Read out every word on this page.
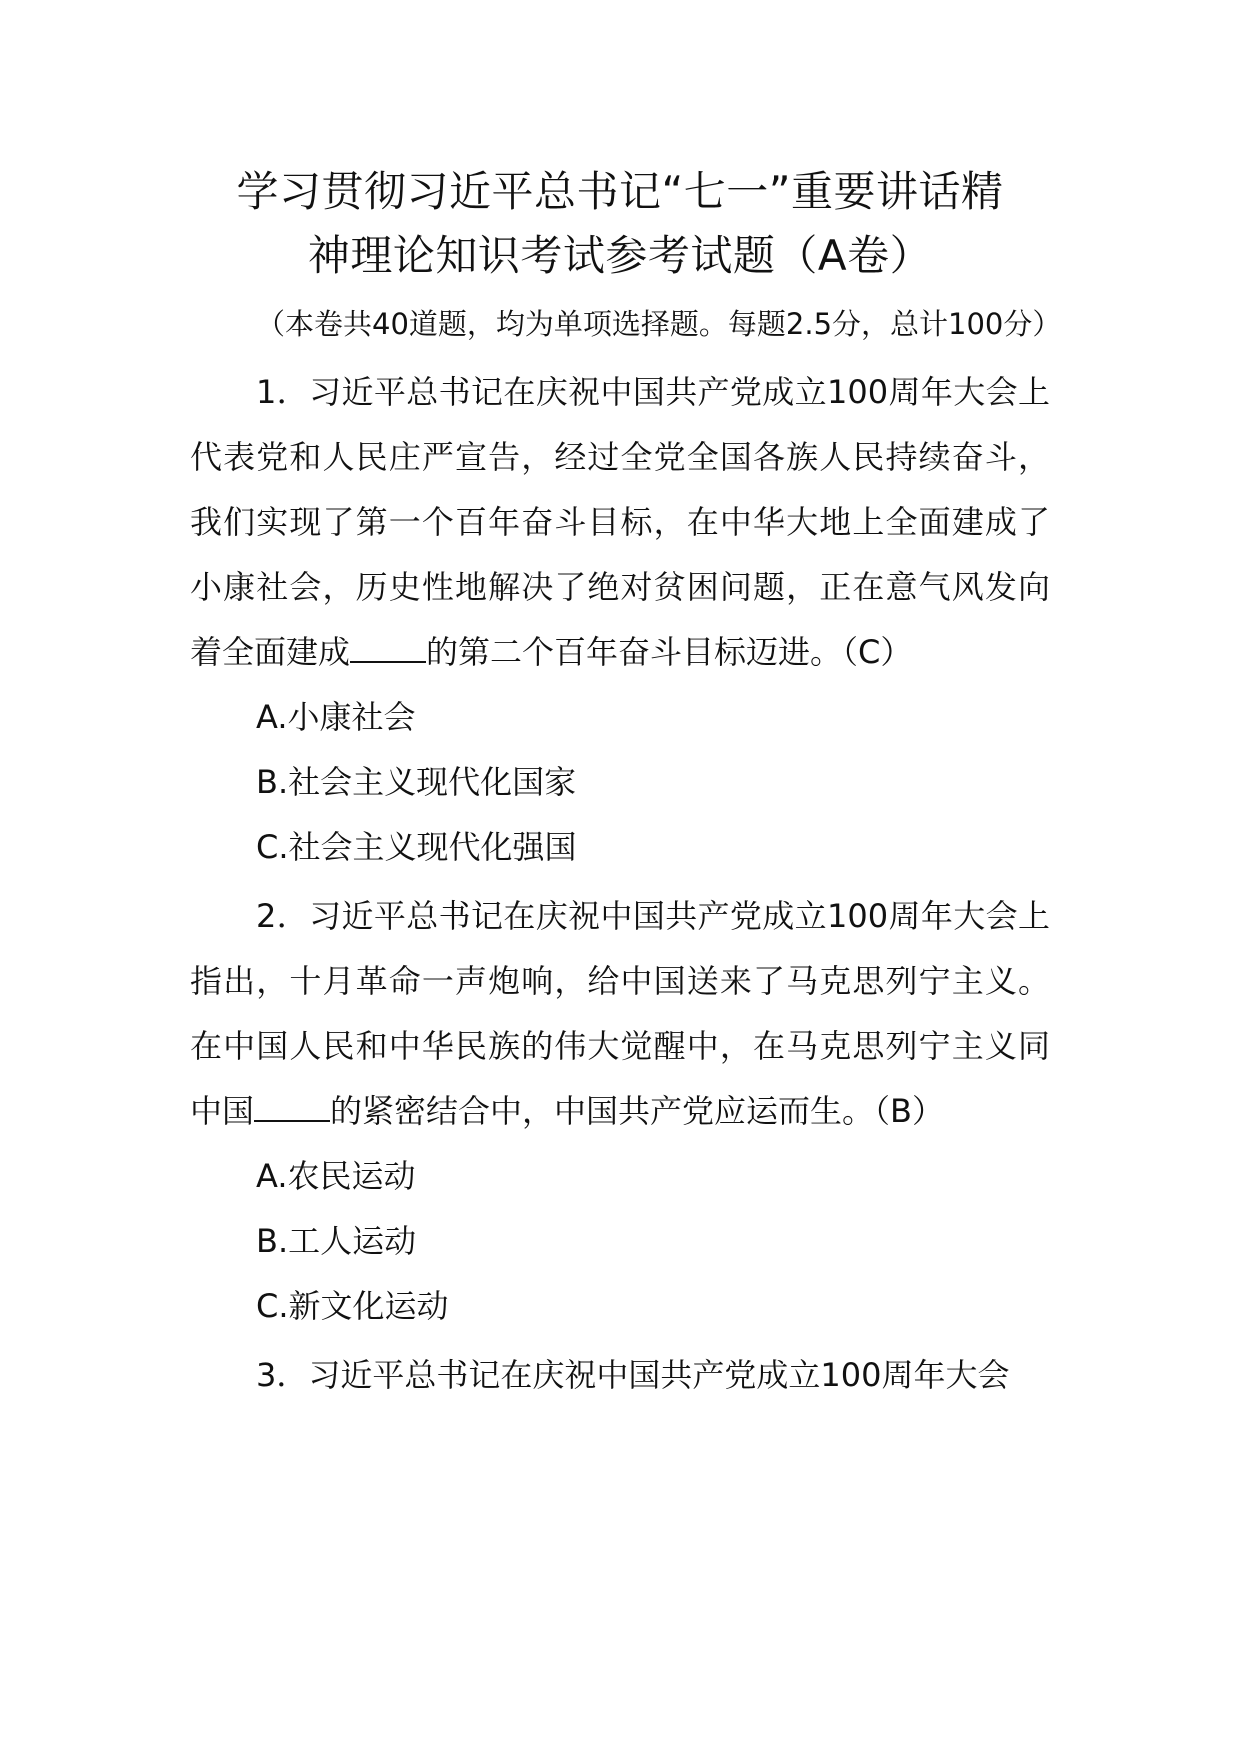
学习贯彻习近平总书记“七一”重要讲话精
神理论知识考试参考试题（A卷）

（本卷共40道题，均为单项选择题。每题2.5分，总计100分）

1．习近平总书记在庆祝中国共产党成立100周年大会上代表党和人民庄严宣告，经过全党全国各族人民持续奋斗，我们实现了第一个百年奋斗目标，在中华大地上全面建成了小康社会，历史性地解决了绝对贫困问题，正在意气风发向着全面建成 的第二个百年奋斗目标迈进。（C）

A.小康社会
B.社会主义现代化国家
C.社会主义现代化强国

2．习近平总书记在庆祝中国共产党成立100周年大会上指出，十月革命一声炮响，给中国送来了马克思列宁主义。在中国人民和中华民族的伟大觉醒中，在马克思列宁主义同中国 的紧密结合中，中国共产党应运而生。（B）

A.农民运动
B.工人运动
C.新文化运动

3．习近平总书记在庆祝中国共产党成立100周年大会
